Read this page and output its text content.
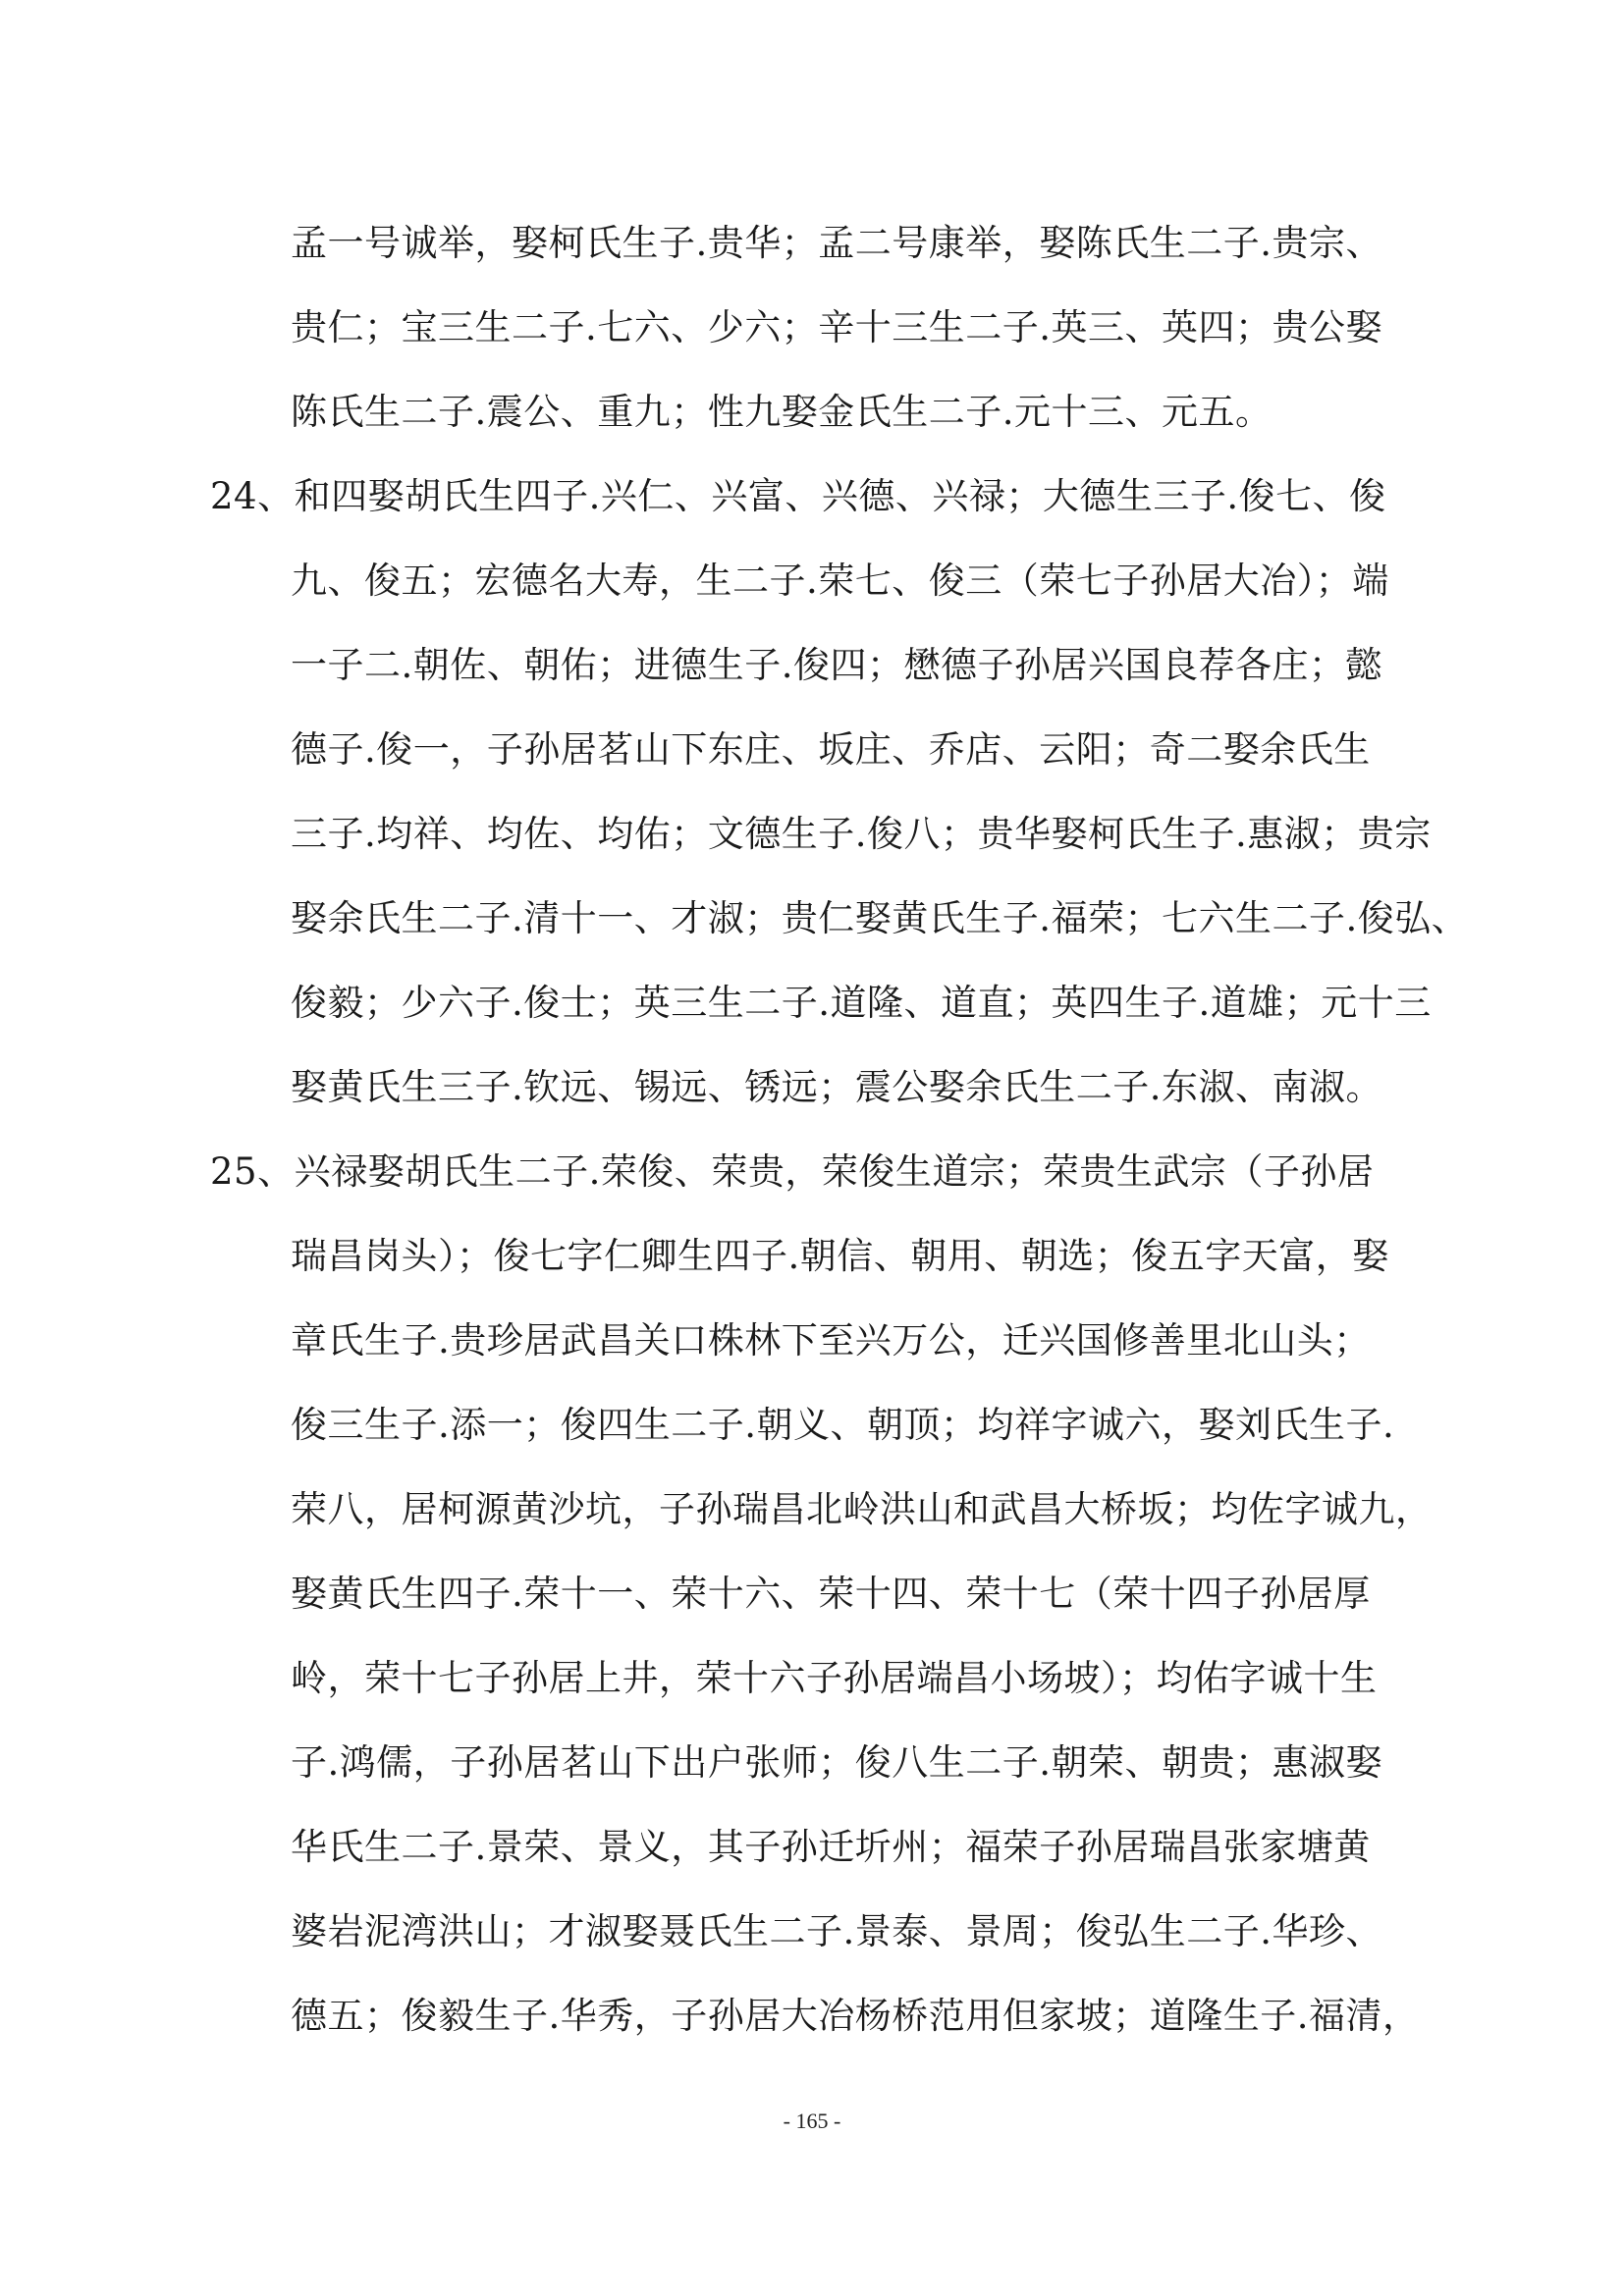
孟一号诚举，娶柯氏生子.贵华；孟二号康举，娶陈氏生二子.贵宗、
贵仁；宝三生二子.七六、少六；辛十三生二子.英三、英四；贵公娶
陈氏生二子.震公、重九；性九娶金氏生二子.元十三、元五。
24、和四娶胡氏生四子.兴仁、兴富、兴德、兴禄；大德生三子.俊七、俊
九、俊五；宏德名大寿，生二子.荣七、俊三（荣七子孙居大冶）；端
一子二.朝佐、朝佑；进德生子.俊四；懋德子孙居兴国良荐各庄；懿
德子.俊一，子孙居茗山下东庄、坂庄、乔店、云阳；奇二娶余氏生
三子.均祥、均佐、均佑；文德生子.俊八；贵华娶柯氏生子.惠淑；贵宗
娶余氏生二子.清十一、才淑；贵仁娶黄氏生子.福荣；七六生二子.俊弘、
俊毅；少六子.俊士；英三生二子.道隆、道直；英四生子.道雄；元十三
娶黄氏生三子.钦远、锡远、锈远；震公娶余氏生二子.东淑、南淑。
25、兴禄娶胡氏生二子.荣俊、荣贵，荣俊生道宗；荣贵生武宗（子孙居
瑞昌岗头）；俊七字仁卿生四子.朝信、朝用、朝选；俊五字天富，娶
章氏生子.贵珍居武昌关口株林下至兴万公，迁兴国修善里北山头；
俊三生子.添一；俊四生二子.朝义、朝顶；均祥字诚六，娶刘氏生子.
荣八，居柯源黄沙坑，子孙瑞昌北岭洪山和武昌大桥坂；均佐字诚九，
娶黄氏生四子.荣十一、荣十六、荣十四、荣十七（荣十四子孙居厚
岭，荣十七子孙居上井，荣十六子孙居端昌小场坡）；均佑字诚十生
子.鸿儒，子孙居茗山下出户张师；俊八生二子.朝荣、朝贵；惠淑娶
华氏生二子.景荣、景义，其子孙迁圻州；福荣子孙居瑞昌张家塘黄
婆岩泥湾洪山；才淑娶聂氏生二子.景泰、景周；俊弘生二子.华珍、
德五；俊毅生子.华秀，子孙居大冶杨桥范用但家坡；道隆生子.福清，
- 165 -
